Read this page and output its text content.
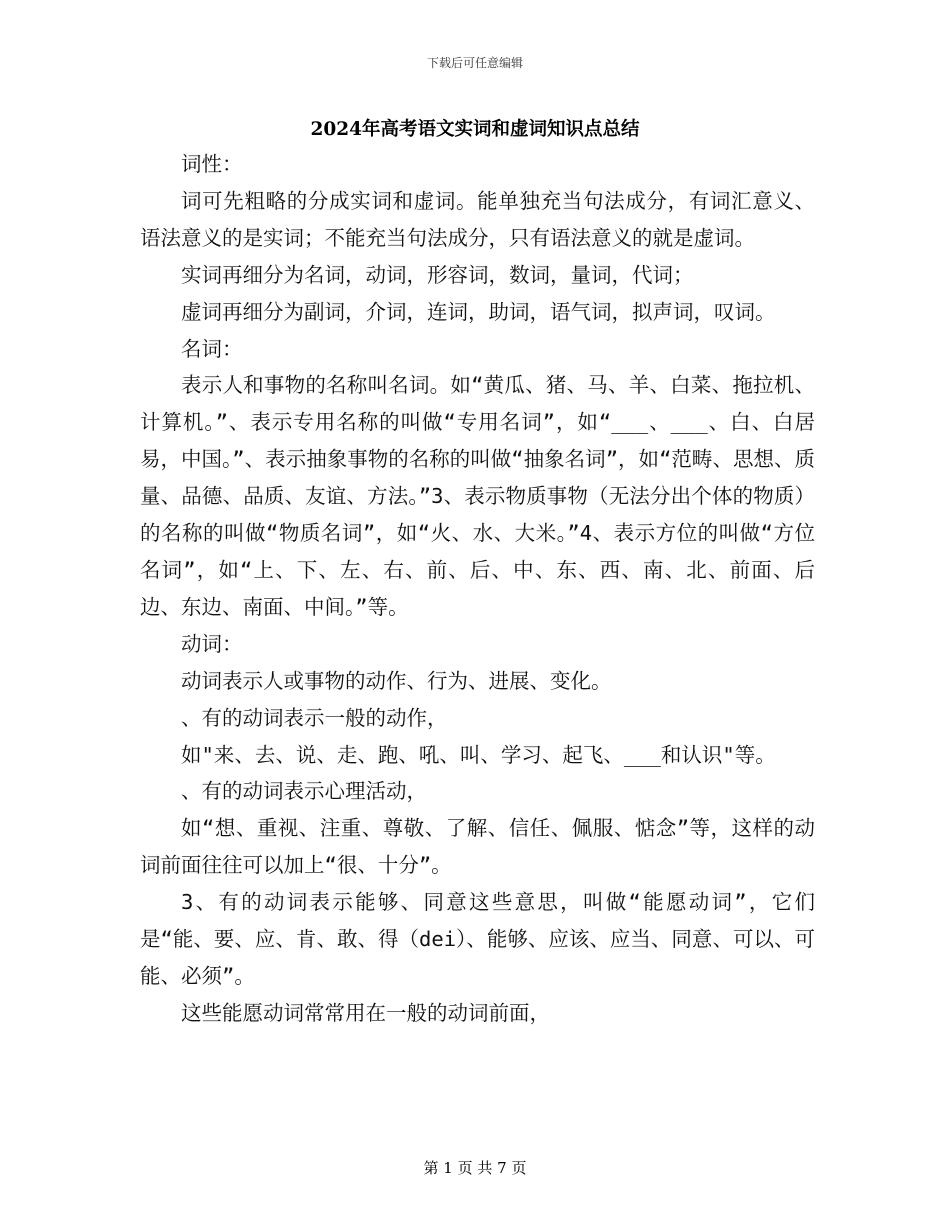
下载后可任意编辑
2024年高考语文实词和虚词知识点总结

词性：

词可先粗略的分成实词和虚词。能单独充当句法成分，有词汇意义、语法意义的是实词；不能充当句法成分，只有语法意义的就是虚词。

实词再细分为名词，动词，形容词，数词，量词，代词；

虚词再细分为副词，介词，连词，助词，语气词，拟声词，叹词。

名词：

表示人和事物的名称叫名词。如“黄瓜、猪、马、羊、白菜、拖拉机、计算机。”、表示专用名称的叫做“专用名词”，如“___、___、白、白居易，中国。”、表示抽象事物的名称的叫做“抽象名词”，如“范畴、思想、质量、品德、品质、友谊、方法。”3、表示物质事物（无法分出个体的物质）的名称的叫做“物质名词”，如“火、水、大米。”4、表示方位的叫做“方位名词”，如“上、下、左、右、前、后、中、东、西、南、北、前面、后边、东边、南面、中间。”等。

动词：

动词表示人或事物的动作、行为、进展、变化。

、有的动词表示一般的动作，

如"来、去、说、走、跑、吼、叫、学习、起飞、___和认识"等。

、有的动词表示心理活动，

如“想、重视、注重、尊敬、了解、信任、佩服、惦念”等，这样的动词前面往往可以加上“很、十分”。

3、有的动词表示能够、同意这些意思，叫做“能愿动词”，它们是“能、要、应、肯、敢、得（dei）、能够、应该、应当、同意、可以、可能、必须”。

这些能愿动词常常用在一般的动词前面，

第 1 页 共 7 页
